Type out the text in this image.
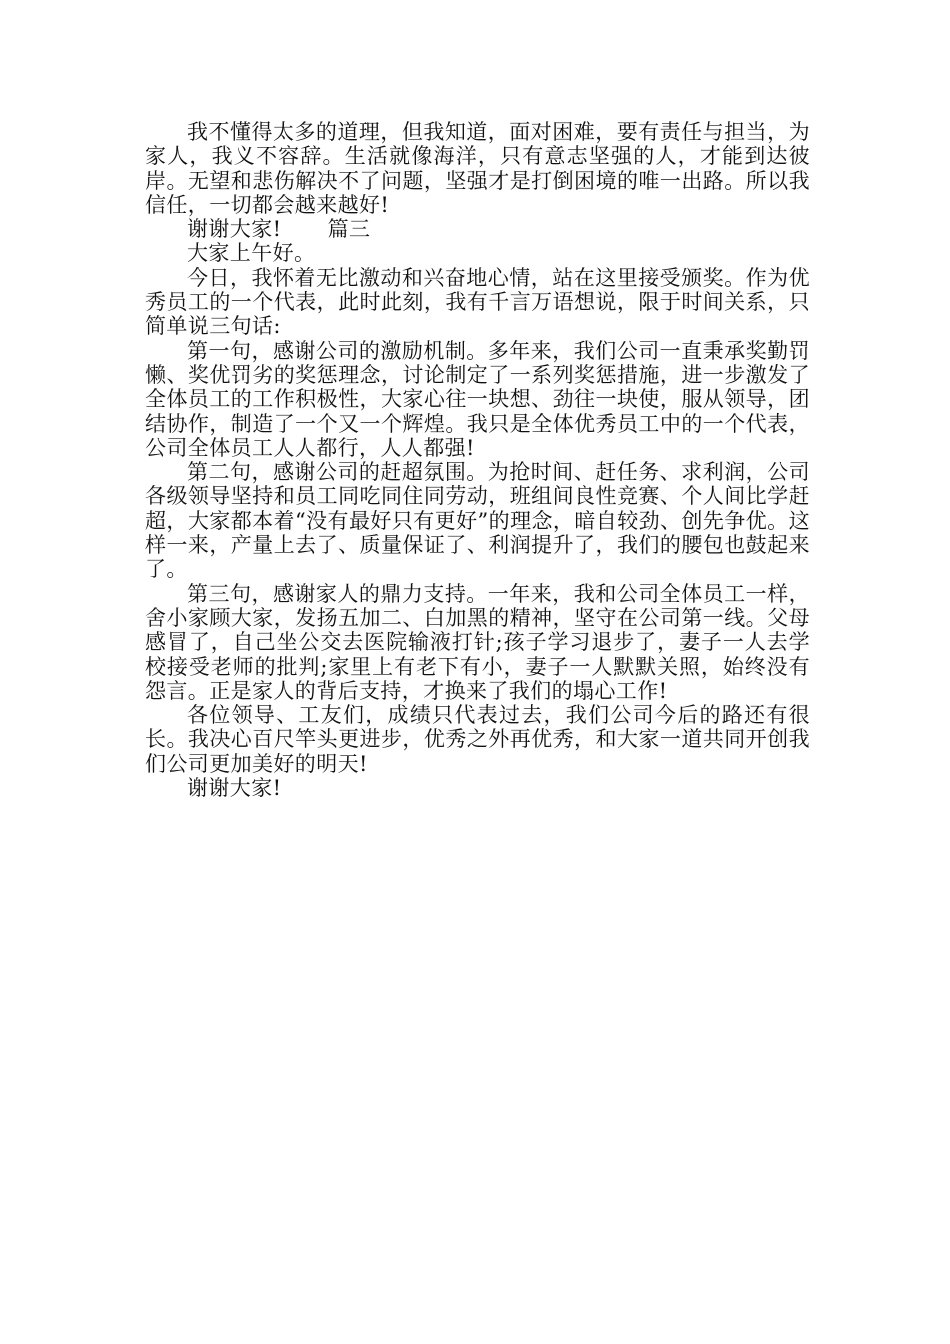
我不懂得太多的道理，但我知道，面对困难，要有责任与担当，为家人，我义不容辞。生活就像海洋，只有意志坚强的人，才能到达彼岸。无望和悲伤解决不了问题，坚强才是打倒困境的唯一出路。所以我信任，一切都会越来越好!

谢谢大家! 篇三

大家上午好。

今日，我怀着无比激动和兴奋地心情，站在这里接受颁奖。作为优秀员工的一个代表，此时此刻，我有千言万语想说，限于时间关系，只简单说三句话:

第一句，感谢公司的激励机制。多年来，我们公司一直秉承奖勤罚懒、奖优罚劣的奖惩理念，讨论制定了一系列奖惩措施，进一步激发了全体员工的工作积极性，大家心往一块想、劲往一块使，服从领导，团结协作，制造了一个又一个辉煌。我只是全体优秀员工中的一个代表，公司全体员工人人都行，人人都强!

第二句，感谢公司的赶超氛围。为抢时间、赶任务、求利润，公司各级领导坚持和员工同吃同住同劳动，班组间良性竞赛、个人间比学赶超，大家都本着“没有最好只有更好”的理念，暗自较劲、创先争优。这样一来，产量上去了、质量保证了、利润提升了，我们的腰包也鼓起来了。

第三句，感谢家人的鼎力支持。一年来，我和公司全体员工一样，舍小家顾大家，发扬五加二、白加黑的精神，坚守在公司第一线。父母感冒了，自己坐公交去医院输液打针;孩子学习退步了，妻子一人去学校接受老师的批判;家里上有老下有小，妻子一人默默关照，始终没有怨言。正是家人的背后支持，才换来了我们的塌心工作!

各位领导、工友们，成绩只代表过去，我们公司今后的路还有很长。我决心百尺竿头更进步，优秀之外再优秀，和大家一道共同开创我们公司更加美好的明天!

谢谢大家!
